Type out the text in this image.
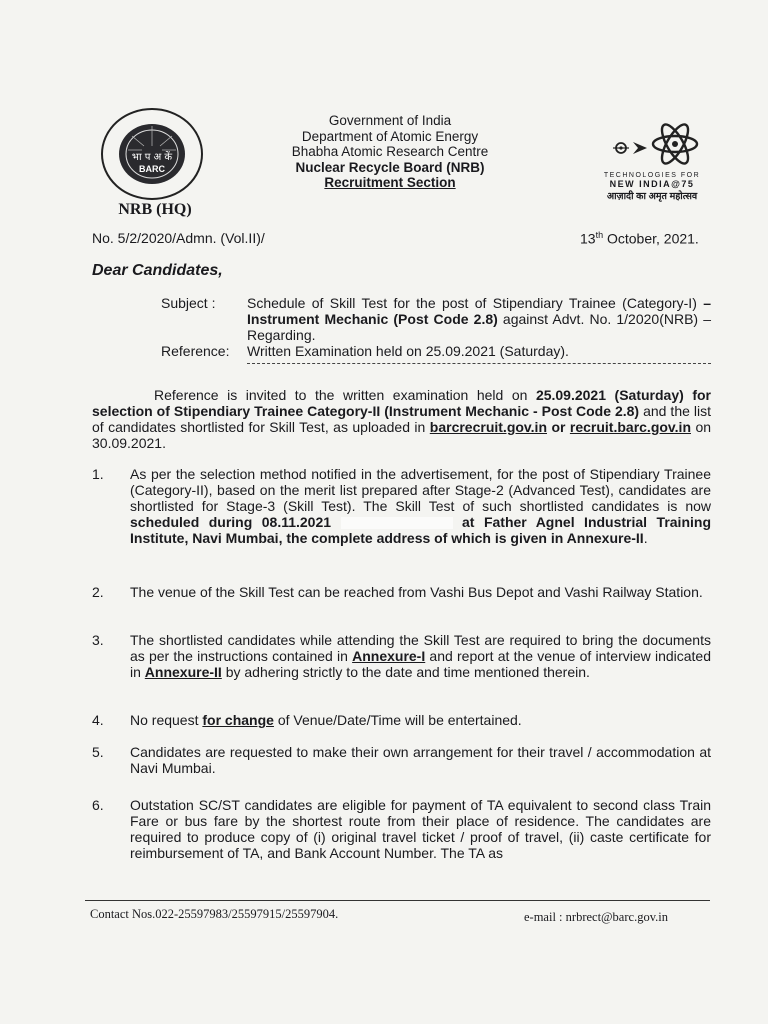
भा प अ कें
BARC
NRB (HQ)
Government of India
Department of Atomic Energy
Bhabha Atomic Research Centre
Nuclear Recycle Board (NRB)
Recruitment Section	TECHNOLOGIES FOR
NEW INDIA@75
आज़ादी का अमृत महोत्सव
No. 5/2/2020/Admn. (Vol.II)/	13th October, 2021.
Dear Candidates,
Subject :	Schedule of Skill Test for the post of Stipendiary Trainee (Category-I) – Instrument Mechanic (Post Code 2.8) against Advt. No. 1/2020(NRB) – Regarding.
Reference:	Written Examination held on 25.09.2021 (Saturday).
Reference is invited to the written examination held on 25.09.2021 (Saturday) for selection of Stipendiary Trainee Category-II (Instrument Mechanic - Post Code 2.8) and the list of candidates shortlisted for Skill Test, as uploaded in barcrecruit.gov.in or recruit.barc.gov.in on 30.09.2021.
1.	As per the selection method notified in the advertisement, for the post of Stipendiary Trainee (Category-II), based on the merit list prepared after Stage-2 (Advanced Test), candidates are shortlisted for Stage-3 (Skill Test). The Skill Test of such shortlisted candidates is now scheduled during 08.11.2021	at Father Agnel Industrial Training Institute, Navi Mumbai, the complete address of which is given in Annexure-II.
2.	The venue of the Skill Test can be reached from Vashi Bus Depot and Vashi Railway Station.
3.	The shortlisted candidates while attending the Skill Test are required to bring the documents as per the instructions contained in Annexure-I and report at the venue of interview indicated in Annexure-II by adhering strictly to the date and time mentioned therein.
4.	No request for change of Venue/Date/Time will be entertained.
5.	Candidates are requested to make their own arrangement for their travel / accommodation at Navi Mumbai.
6.	Outstation SC/ST candidates are eligible for payment of TA equivalent to second class Train Fare or bus fare by the shortest route from their place of residence. The candidates are required to produce copy of (i) original travel ticket / proof of travel, (ii) caste certificate for reimbursement of TA, and Bank Account Number. The TA as
Contact Nos.022-25597983/25597915/25597904.	e-mail : nrbrect@barc.gov.in
